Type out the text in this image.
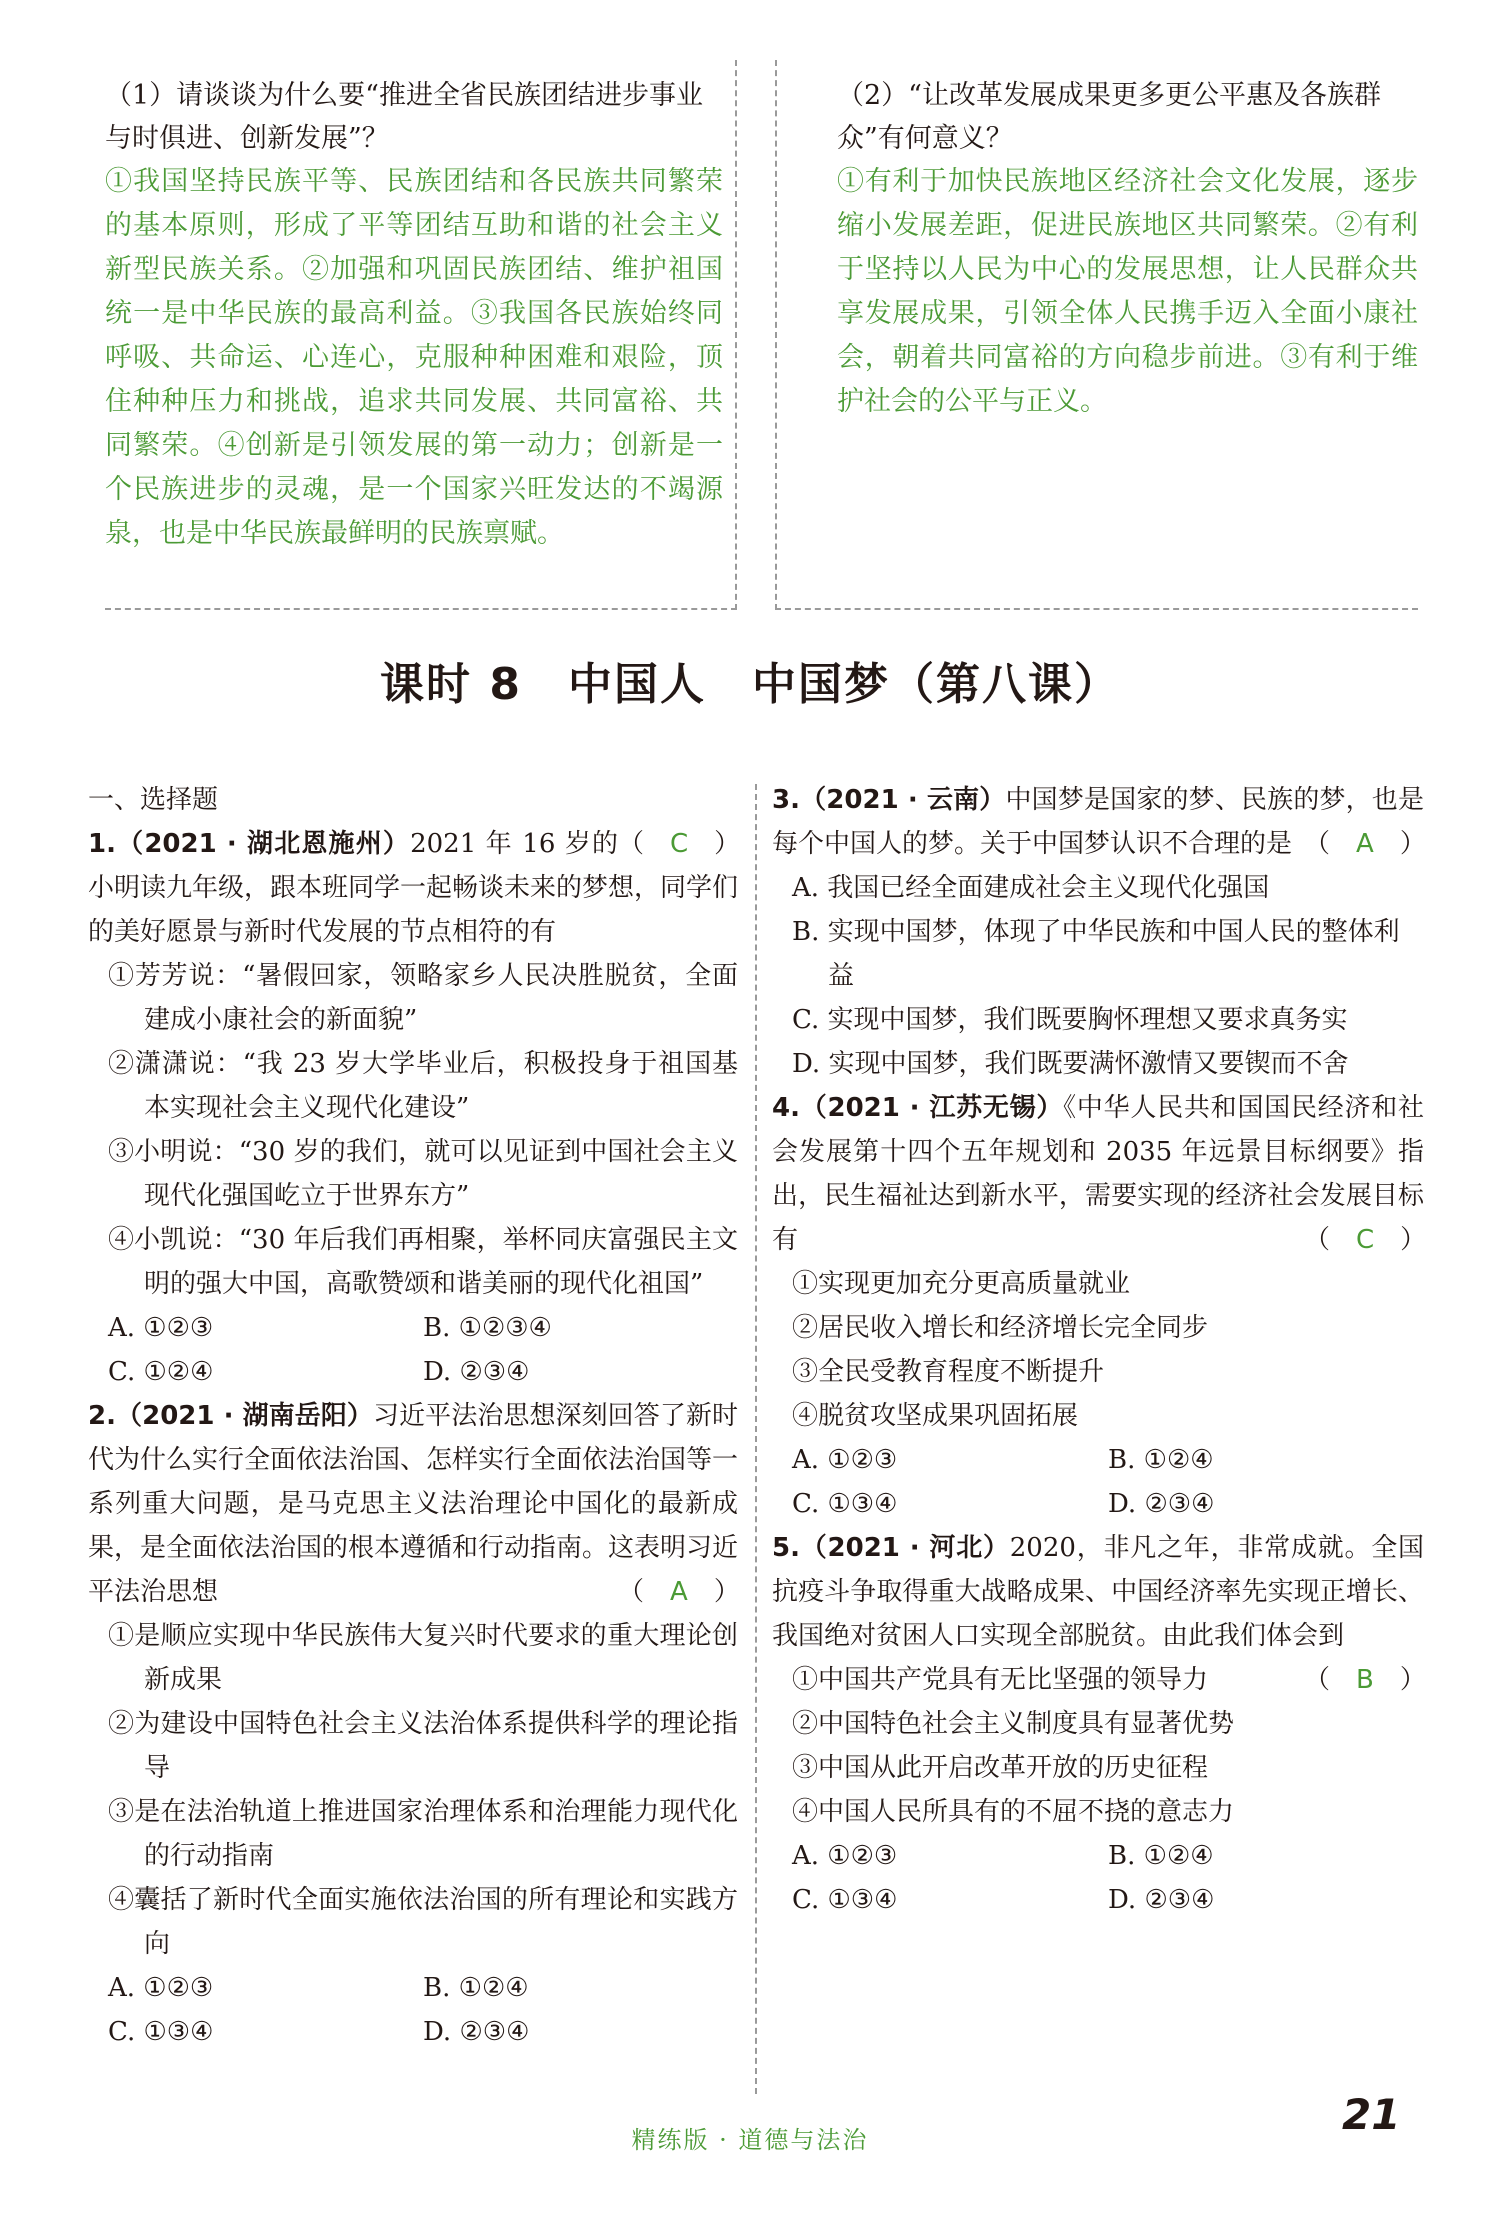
（1）请谈谈为什么要“推进全省民族团结进步事业与时俱进、创新发展”？

①我国坚持民族平等、民族团结和各民族共同繁荣的基本原则，形成了平等团结互助和谐的社会主义新型民族关系。②加强和巩固民族团结、维护祖国统一是中华民族的最高利益。③我国各民族始终同呼吸、共命运、心连心，克服种种困难和艰险，顶住种种压力和挑战，追求共同发展、共同富裕、共同繁荣。④创新是引领发展的第一动力；创新是一个民族进步的灵魂，是一个国家兴旺发达的不竭源泉，也是中华民族最鲜明的民族禀赋。

（2）“让改革发展成果更多更公平惠及各族群众”有何意义？

①有利于加快民族地区经济社会文化发展，逐步缩小发展差距，促进民族地区共同繁荣。②有利于坚持以人民为中心的发展思想，让人民群众共享发展成果，引领全体人民携手迈入全面小康社会，朝着共同富裕的方向稳步前进。③有利于维护社会的公平与正义。

课时 8　中国人　中国梦（第八课）
一、选择题
（　C　）
1.（2021 · 湖北恩施州）2021 年 16 岁的小明读九年级，跟本班同学一起畅谈未来的梦想，同学们的美好愿景与新时代发展的节点相符的有
①芳芳说：“暑假回家，领略家乡人民决胜脱贫，全面建成小康社会的新面貌”
②潇潇说：“我 23 岁大学毕业后，积极投身于祖国基本实现社会主义现代化建设”
③小明说：“30 岁的我们，就可以见证到中国社会主义现代化强国屹立于世界东方”
④小凯说：“30 年后我们再相聚，举杯同庆富强民主文明的强大中国，高歌赞颂和谐美丽的现代化祖国”
A. ①②③	B. ①②③④
C. ①②④	D. ②③④
2.（2021 · 湖南岳阳）习近平法治思想深刻回答了新时代为什么实行全面依法治国、怎样实行全面依法治国等一系列重大问题，是马克思主义法治理论中国化的最新成果，是全面依法治国的根本遵循和行动指南。这表明习近平法治思想	（　A　）
①是顺应实现中华民族伟大复兴时代要求的重大理论创新成果
②为建设中国特色社会主义法治体系提供科学的理论指导
③是在法治轨道上推进国家治理体系和治理能力现代化的行动指南
④囊括了新时代全面实施依法治国的所有理论和实践方向
A. ①②③	B. ①②④
C. ①③④	D. ②③④
3.（2021 · 云南）中国梦是国家的梦、民族的梦，也是每个中国人的梦。关于中国梦认识不合理的是 （　A　）
A. 我国已经全面建成社会主义现代化强国
B. 实现中国梦，体现了中华民族和中国人民的整体利益
C. 实现中国梦，我们既要胸怀理想又要求真务实
D. 实现中国梦，我们既要满怀激情又要锲而不舍
4.（2021 · 江苏无锡）《中华人民共和国国民经济和社会发展第十四个五年规划和 2035 年远景目标纲要》指出，民生福祉达到新水平，需要实现的经济社会发展目标有	（　C　）
①实现更加充分更高质量就业
②居民收入增长和经济增长完全同步
③全民受教育程度不断提升
④脱贫攻坚成果巩固拓展
A. ①②③	B. ①②④
C. ①③④	D. ②③④
5.（2021 · 河北）2020，非凡之年，非常成就。全国抗疫斗争取得重大战略成果、中国经济率先实现正增长、我国绝对贫困人口实现全部脱贫。由此我们体会到
（　B　）
①中国共产党具有无比坚强的领导力
②中国特色社会主义制度具有显著优势
③中国从此开启改革开放的历史征程
④中国人民所具有的不屈不挠的意志力
A. ①②③	B. ①②④
C. ①③④	D. ②③④
精练版 · 道德与法治
21
